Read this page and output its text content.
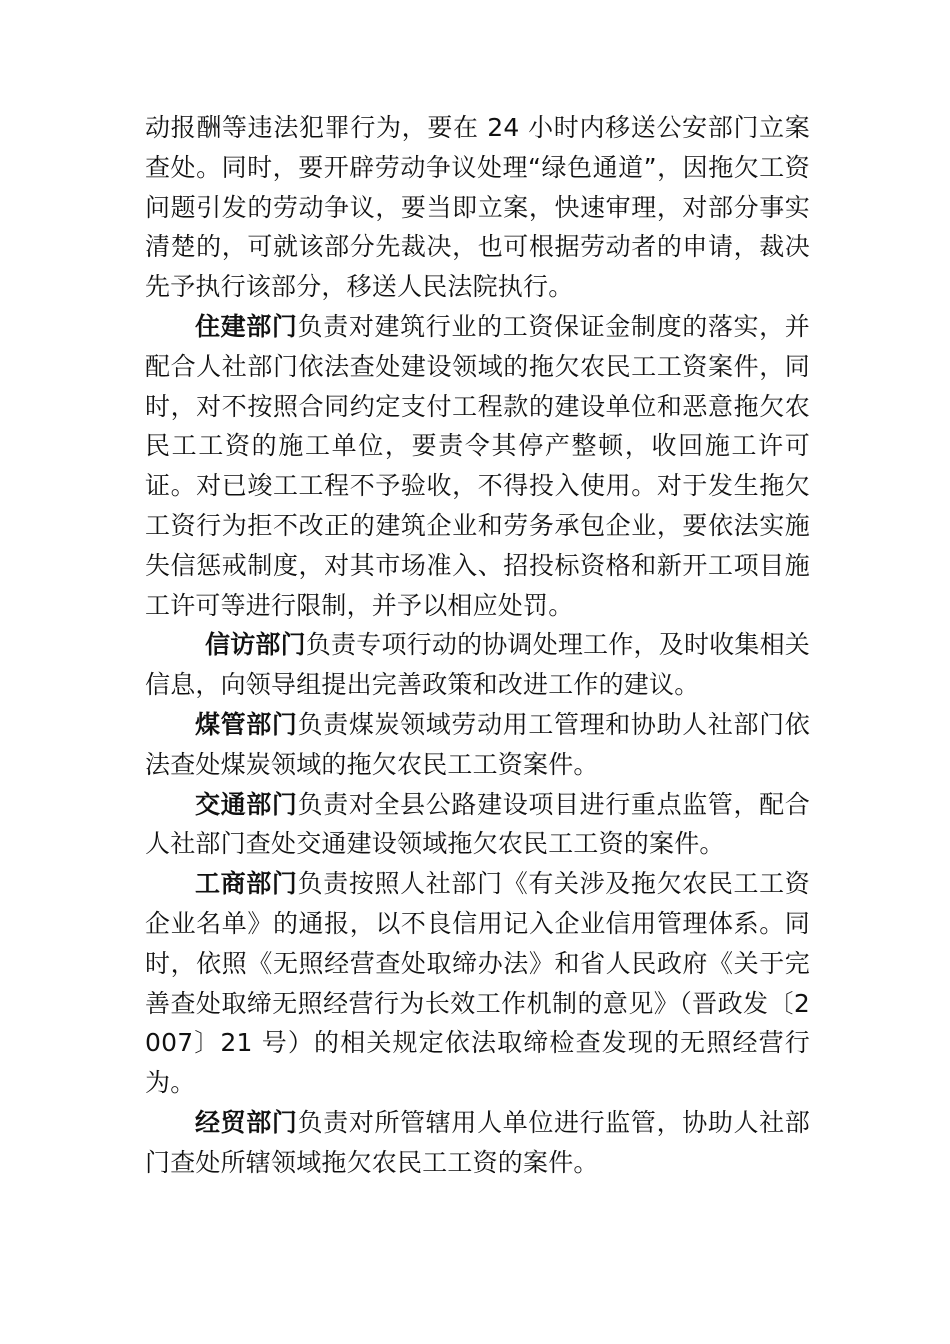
动报酬等违法犯罪行为，要在 24 小时内移送公安部门立案查处。同时，要开辟劳动争议处理“绿色通道”，因拖欠工资问题引发的劳动争议，要当即立案，快速审理，对部分事实清楚的，可就该部分先裁决，也可根据劳动者的申请，裁决先予执行该部分，移送人民法院执行。

住建部门负责对建筑行业的工资保证金制度的落实，并配合人社部门依法查处建设领域的拖欠农民工工资案件，同时，对不按照合同约定支付工程款的建设单位和恶意拖欠农民工工资的施工单位，要责令其停产整顿，收回施工许可证。对已竣工工程不予验收，不得投入使用。对于发生拖欠工资行为拒不改正的建筑企业和劳务承包企业，要依法实施失信惩戒制度，对其市场准入、招投标资格和新开工项目施工许可等进行限制，并予以相应处罚。

信访部门负责专项行动的协调处理工作，及时收集相关信息，向领导组提出完善政策和改进工作的建议。

煤管部门负责煤炭领域劳动用工管理和协助人社部门依法查处煤炭领域的拖欠农民工工资案件。

交通部门负责对全县公路建设项目进行重点监管，配合人社部门查处交通建设领域拖欠农民工工资的案件。

工商部门负责按照人社部门《有关涉及拖欠农民工工资企业名单》的通报，以不良信用记入企业信用管理体系。同时，依照《无照经营查处取缔办法》和省人民政府《关于完善查处取缔无照经营行为长效工作机制的意见》（晋政发〔2007〕21 号）的相关规定依法取缔检查发现的无照经营行为。

经贸部门负责对所管辖用人单位进行监管，协助人社部门查处所辖领域拖欠农民工工资的案件。
